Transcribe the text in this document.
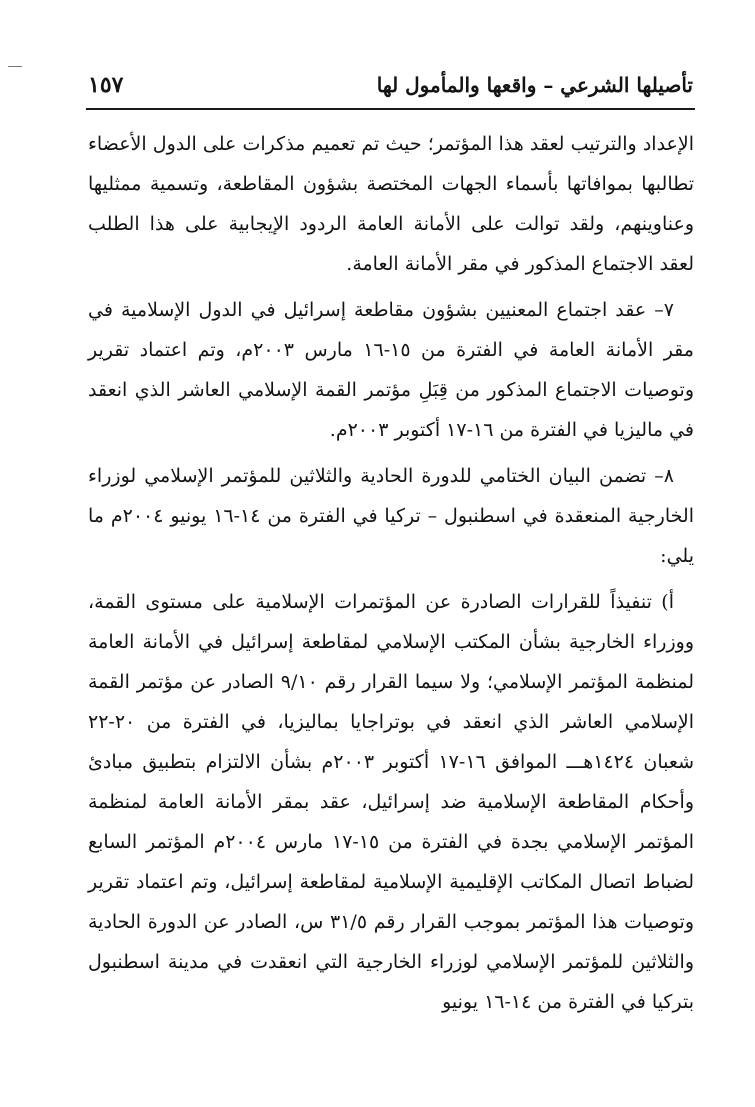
١٥٧	تأصيلها الشرعي – واقعها والمأمول لها

الإعداد والترتيب لعقد هذا المؤتمر؛ حيث تم تعميم مذكرات على الدول الأعضاء تطالبها بموافاتها بأسماء الجهات المختصة بشؤون المقاطعة، وتسمية ممثليها وعناوينهم، ولقد توالت على الأمانة العامة الردود الإيجابية على هذا الطلب لعقد الاجتماع المذكور في مقر الأمانة العامة.

٧– عقد اجتماع المعنيين بشؤون مقاطعة إسرائيل في الدول الإسلامية في مقر الأمانة العامة في الفترة من ١٥-١٦ مارس ٢٠٠٣م، وتم اعتماد تقرير وتوصيات الاجتماع المذكور من قِبَلِ مؤتمر القمة الإسلامي العاشر الذي انعقد في ماليزيا في الفترة من ١٦-١٧ أكتوبر ٢٠٠٣م.

٨– تضمن البيان الختامي للدورة الحادية والثلاثين للمؤتمر الإسلامي لوزراء الخارجية المنعقدة في اسطنبول – تركيا في الفترة من ١٤-١٦ يونيو ٢٠٠٤م ما يلي:

أ) تنفيذاً للقرارات الصادرة عن المؤتمرات الإسلامية على مستوى القمة، ووزراء الخارجية بشأن المكتب الإسلامي لمقاطعة إسرائيل في الأمانة العامة لمنظمة المؤتمر الإسلامي؛ ولا سيما القرار رقم ٩/١٠ الصادر عن مؤتمر القمة الإسلامي العاشر الذي انعقد في بوتراجايا بماليزيا، في الفترة من ٢٠-٢٢ شعبان ١٤٢٤هـــ الموافق ١٦-١٧ أكتوبر ٢٠٠٣م بشأن الالتزام بتطبيق مبادئ وأحكام المقاطعة الإسلامية ضد إسرائيل، عقد بمقر الأمانة العامة لمنظمة المؤتمر الإسلامي بجدة في الفترة من ١٥-١٧ مارس ٢٠٠٤م المؤتمر السابع لضباط اتصال المكاتب الإقليمية الإسلامية لمقاطعة إسرائيل، وتم اعتماد تقرير وتوصيات هذا المؤتمر بموجب القرار رقم ٣١/٥ س، الصادر عن الدورة الحادية والثلاثين للمؤتمر الإسلامي لوزراء الخارجية التي انعقدت في مدينة اسطنبول بتركيا في الفترة من ١٤-١٦ يونيو
